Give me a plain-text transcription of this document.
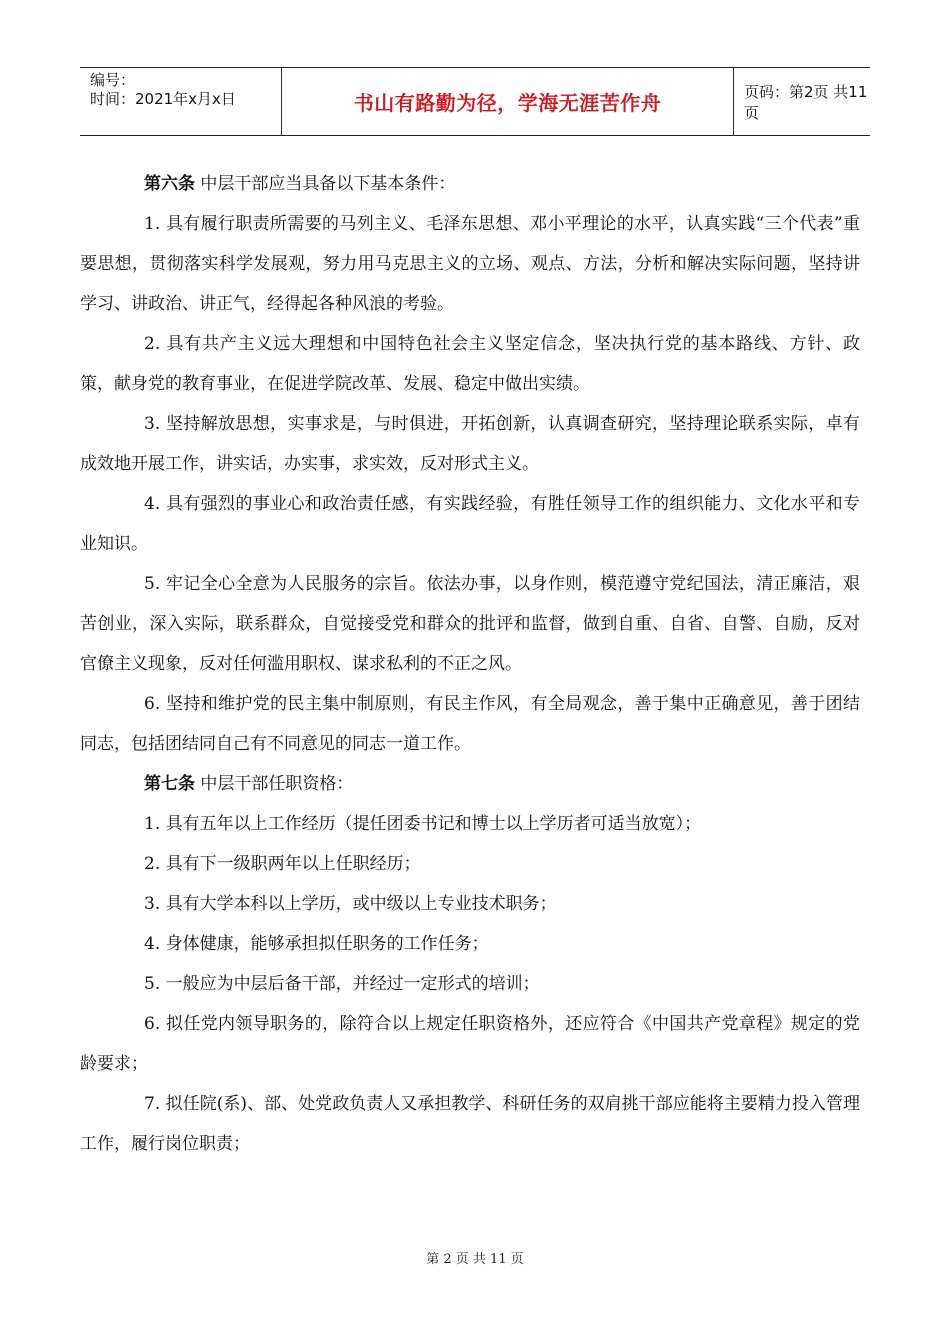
编号：
时间：2021年x月x日	书山有路勤为径，学海无涯苦作舟	页码：第2页 共11页

第六条 中层干部应当具备以下基本条件：

1. 具有履行职责所需要的马列主义、毛泽东思想、邓小平理论的水平，认真实践“三个代表”重要思想，贯彻落实科学发展观，努力用马克思主义的立场、观点、方法，分析和解决实际问题，坚持讲学习、讲政治、讲正气，经得起各种风浪的考验。

2. 具有共产主义远大理想和中国特色社会主义坚定信念，坚决执行党的基本路线、方针、政策，献身党的教育事业，在促进学院改革、发展、稳定中做出实绩。

3. 坚持解放思想，实事求是，与时俱进，开拓创新，认真调查研究，坚持理论联系实际，卓有成效地开展工作，讲实话，办实事，求实效，反对形式主义。

4. 具有强烈的事业心和政治责任感，有实践经验，有胜任领导工作的组织能力、文化水平和专业知识。

5. 牢记全心全意为人民服务的宗旨。依法办事，以身作则，模范遵守党纪国法，清正廉洁，艰苦创业，深入实际，联系群众，自觉接受党和群众的批评和监督，做到自重、自省、自警、自励，反对官僚主义现象，反对任何滥用职权、谋求私利的不正之风。

6. 坚持和维护党的民主集中制原则，有民主作风，有全局观念，善于集中正确意见，善于团结同志，包括团结同自己有不同意见的同志一道工作。

第七条 中层干部任职资格：

1. 具有五年以上工作经历（提任团委书记和博士以上学历者可适当放宽）；

2. 具有下一级职两年以上任职经历；

3. 具有大学本科以上学历，或中级以上专业技术职务；

4. 身体健康，能够承担拟任职务的工作任务；

5. 一般应为中层后备干部，并经过一定形式的培训；

6. 拟任党内领导职务的，除符合以上规定任职资格外，还应符合《中国共产党章程》规定的党龄要求；

7. 拟任院(系)、部、处党政负责人又承担教学、科研任务的双肩挑干部应能将主要精力投入管理工作，履行岗位职责；

第 2 页 共 11 页
